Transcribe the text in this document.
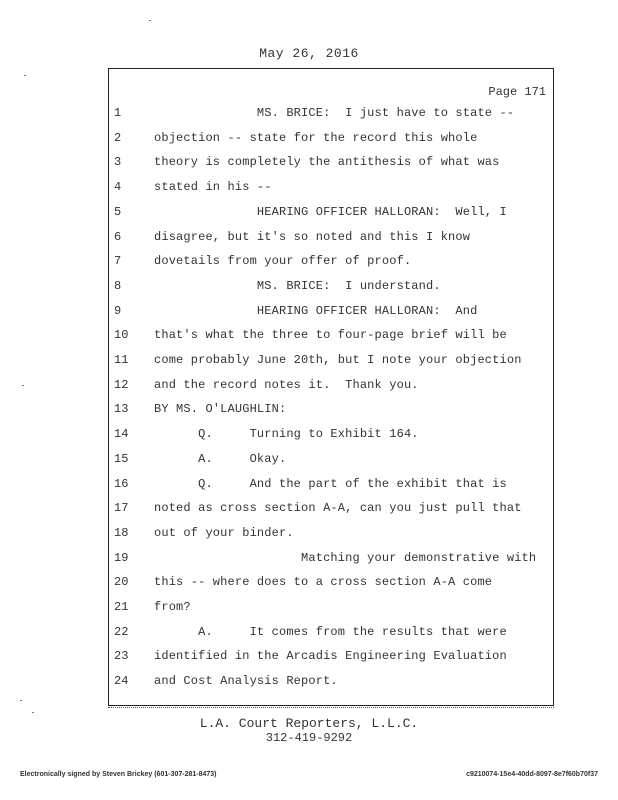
May 26, 2016
Page 171
1	MS. BRICE:  I just have to state --
2	objection -- state for the record this whole
3	theory is completely the antithesis of what was
4	stated in his --
5	HEARING OFFICER HALLORAN:  Well, I
6	disagree, but it's so noted and this I know
7	dovetails from your offer of proof.
8	MS. BRICE:  I understand.
9	HEARING OFFICER HALLORAN:  And
10	that's what the three to four-page brief will be
11	come probably June 20th, but I note your objection
12	and the record notes it.  Thank you.
13	BY MS. O'LAUGHLIN:
14	Q.     Turning to Exhibit 164.
15	A.     Okay.
16	Q.     And the part of the exhibit that is
17	noted as cross section A-A, can you just pull that
18	out of your binder.
19	Matching your demonstrative with
20	this -- where does to a cross section A-A come
21	from?
22	A.     It comes from the results that were
23	identified in the Arcadis Engineering Evaluation
24	and Cost Analysis Report.
L.A. Court Reporters, L.L.C.
312-419-9292
Electronically signed by Steven Brickey (601-307-281-8473)	c9210074-15e4-40dd-8097-8e7f60b70f37
